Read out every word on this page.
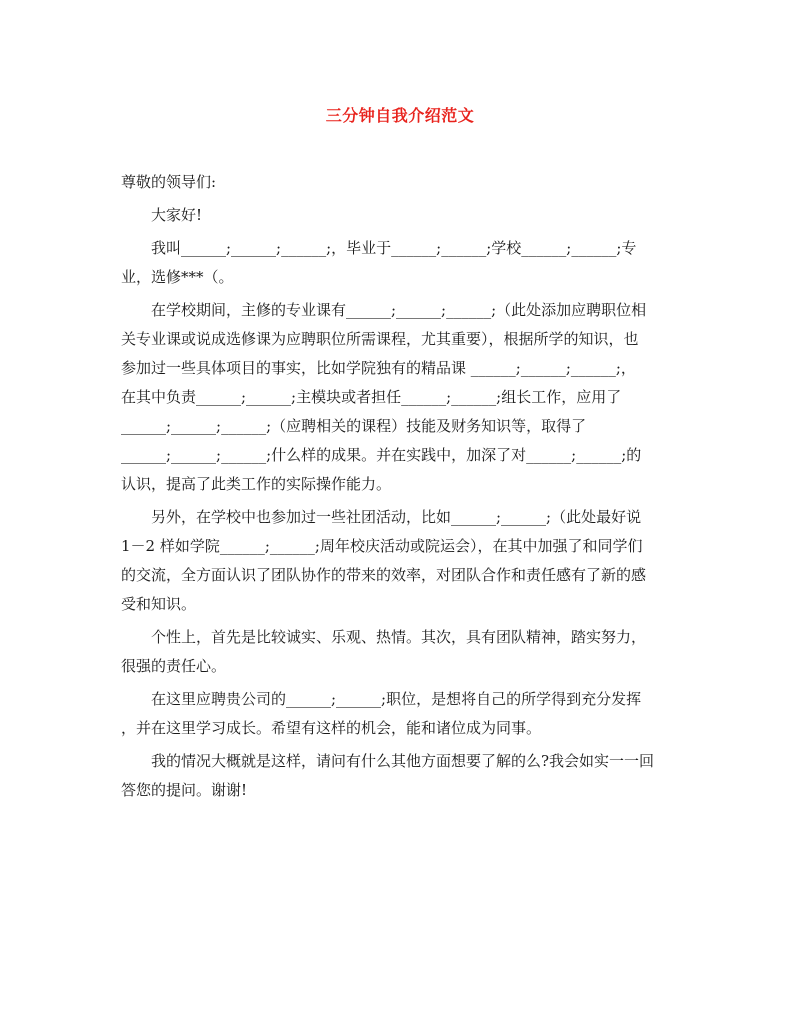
三分钟自我介绍范文
尊敬的领导们:
大家好!
我叫______;______;______;，毕业于______;______;学校______;______;专
业，选修***（。
在学校期间，主修的专业课有______;______;______;（此处添加应聘职位相
关专业课或说成选修课为应聘职位所需课程，尤其重要），根据所学的知识，也
参加过一些具体项目的事实，比如学院独有的精品课 ______;______;______;，
在其中负责______;______;主模块或者担任______;______;组长工作，应用了
______;______;______;（应聘相关的课程）技能及财务知识等，取得了
______;______;______;什么样的成果。并在实践中，加深了对______;______;的
认识，提高了此类工作的实际操作能力。
另外，在学校中也参加过一些社团活动，比如______;______;（此处最好说
1－2 样如学院______;______;周年校庆活动或院运会），在其中加强了和同学们
的交流，全方面认识了团队协作的带来的效率，对团队合作和责任感有了新的感
受和知识。
个性上，首先是比较诚实、乐观、热情。其次，具有团队精神，踏实努力，
很强的责任心。
在这里应聘贵公司的______;______;职位，是想将自己的所学得到充分发挥
，并在这里学习成长。希望有这样的机会，能和诸位成为同事。
我的情况大概就是这样，请问有什么其他方面想要了解的么?我会如实一一回
答您的提问。谢谢!
